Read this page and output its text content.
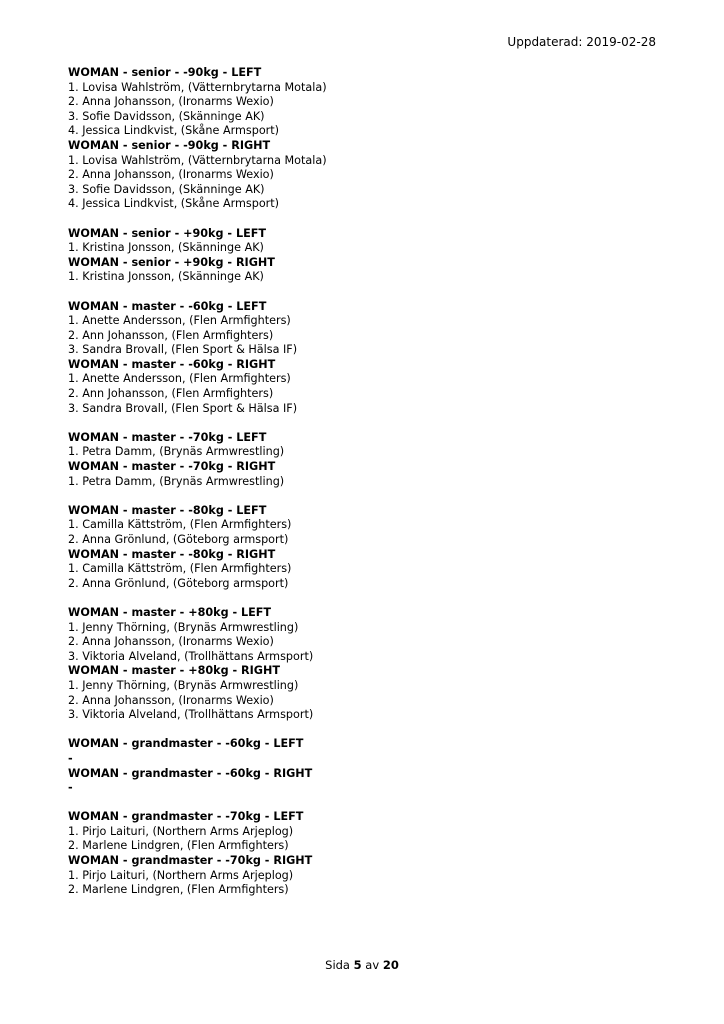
Uppdaterad: 2019-02-28
WOMAN - senior - -90kg - LEFT
1. Lovisa Wahlström, (Vätternbrytarna Motala)
2. Anna Johansson, (Ironarms Wexio)
3. Sofie Davidsson, (Skänninge AK)
4. Jessica Lindkvist, (Skåne Armsport)
WOMAN - senior - -90kg - RIGHT
1. Lovisa Wahlström, (Vätternbrytarna Motala)
2. Anna Johansson, (Ironarms Wexio)
3. Sofie Davidsson, (Skänninge AK)
4. Jessica Lindkvist, (Skåne Armsport)
WOMAN - senior - +90kg - LEFT
1. Kristina Jonsson, (Skänninge AK)
WOMAN - senior - +90kg - RIGHT
1. Kristina Jonsson, (Skänninge AK)
WOMAN - master - -60kg - LEFT
1. Anette Andersson, (Flen Armfighters)
2. Ann Johansson, (Flen Armfighters)
3. Sandra Brovall, (Flen Sport & Hälsa IF)
WOMAN - master - -60kg - RIGHT
1. Anette Andersson, (Flen Armfighters)
2. Ann Johansson, (Flen Armfighters)
3. Sandra Brovall, (Flen Sport & Hälsa IF)
WOMAN - master - -70kg - LEFT
1. Petra Damm, (Brynäs Armwrestling)
WOMAN - master - -70kg - RIGHT
1. Petra Damm, (Brynäs Armwrestling)
WOMAN - master - -80kg - LEFT
1. Camilla Kättström, (Flen Armfighters)
2. Anna Grönlund, (Göteborg armsport)
WOMAN - master - -80kg - RIGHT
1. Camilla Kättström, (Flen Armfighters)
2. Anna Grönlund, (Göteborg armsport)
WOMAN - master - +80kg - LEFT
1. Jenny Thörning, (Brynäs Armwrestling)
2. Anna Johansson, (Ironarms Wexio)
3. Viktoria Alveland, (Trollhättans Armsport)
WOMAN - master - +80kg - RIGHT
1. Jenny Thörning, (Brynäs Armwrestling)
2. Anna Johansson, (Ironarms Wexio)
3. Viktoria Alveland, (Trollhättans Armsport)
WOMAN - grandmaster - -60kg - LEFT
-
WOMAN - grandmaster - -60kg - RIGHT
-
WOMAN - grandmaster - -70kg - LEFT
1. Pirjo Laituri, (Northern Arms Arjeplog)
2. Marlene Lindgren, (Flen Armfighters)
WOMAN - grandmaster - -70kg - RIGHT
1. Pirjo Laituri, (Northern Arms Arjeplog)
2. Marlene Lindgren, (Flen Armfighters)
Sida 5 av 20
